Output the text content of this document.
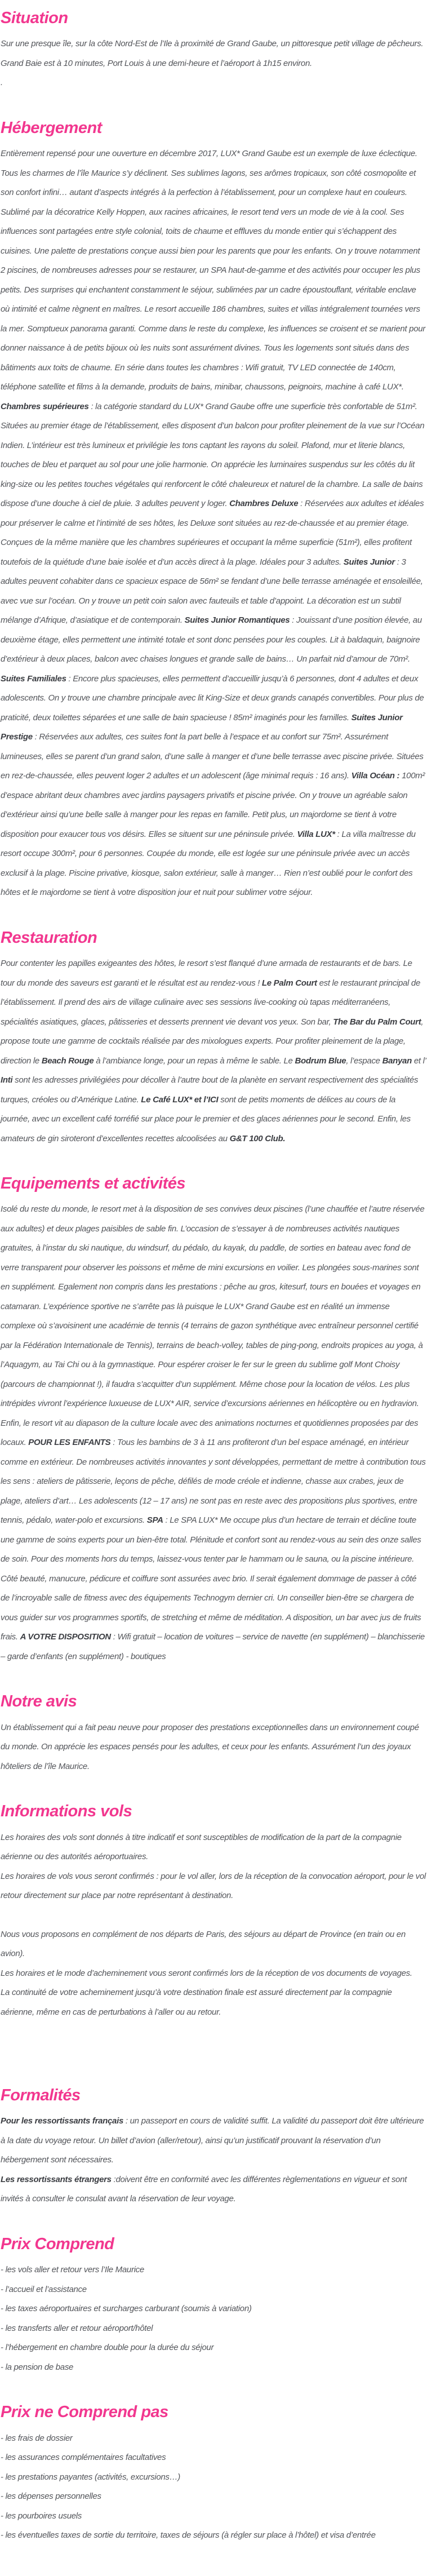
Situation

Sur une presque île, sur la côte Nord-Est de l’Ile à proximité de Grand Gaube, un pittoresque petit village de pêcheurs. Grand Baie est à 10 minutes, Port Louis à une demi-heure et l’aéroport à 1h15 environ.

.

Hébergement

Entièrement repensé pour une ouverture en décembre 2017, LUX* Grand Gaube est un exemple de luxe éclectique. Tous les charmes de l’île Maurice s’y déclinent. Ses sublimes lagons, ses arômes tropicaux, son côté cosmopolite et son confort infini… autant d’aspects intégrés à la perfection à l’établissement, pour un complexe haut en couleurs. Sublimé par la décoratrice Kelly Hoppen, aux racines africaines, le resort tend vers un mode de vie à la cool. Ses influences sont partagées entre style colonial, toits de chaume et effluves du monde entier qui s’échappent des cuisines. Une palette de prestations conçue aussi bien pour les parents que pour les enfants. On y trouve notamment 2 piscines, de nombreuses adresses pour se restaurer, un SPA haut-de-gamme et des activités pour occuper les plus petits. Des surprises qui enchantent constamment le séjour, sublimées par un cadre époustouflant, véritable enclave où intimité et calme règnent en maîtres. Le resort accueille 186 chambres, suites et villas intégralement tournées vers la mer. Somptueux panorama garanti. Comme dans le reste du complexe, les influences se croisent et se marient pour donner naissance à de petits bijoux où les nuits sont assurément divines. Tous les logements sont situés dans des bâtiments aux toits de chaume. En série dans toutes les chambres : Wifi gratuit, TV LED connectée de 140cm, téléphone satellite et films à la demande, produits de bains, minibar, chaussons, peignoirs, machine à café LUX*. Chambres supérieures : la catégorie standard du LUX* Grand Gaube offre une superficie très confortable de 51m². Situées au premier étage de l’établissement, elles disposent d’un balcon pour profiter pleinement de la vue sur l’Océan Indien. L’intérieur est très lumineux et privilégie les tons captant les rayons du soleil. Plafond, mur et literie blancs, touches de bleu et parquet au sol pour une jolie harmonie. On apprécie les luminaires suspendus sur les côtés du lit king-size ou les petites touches végétales qui renforcent le côté chaleureux et naturel de la chambre. La salle de bains dispose d’une douche à ciel de pluie. 3 adultes peuvent y loger. Chambres Deluxe : Réservées aux adultes et idéales pour préserver le calme et l’intimité de ses hôtes, les Deluxe sont situées au rez-de-chaussée et au premier étage. Conçues de la même manière que les chambres supérieures et occupant la même superficie (51m²), elles profitent toutefois de la quiétude d’une baie isolée et d’un accès direct à la plage. Idéales pour 3 adultes. Suites Junior : 3 adultes peuvent cohabiter dans ce spacieux espace de 56m² se fendant d’une belle terrasse aménagée et ensoleillée, avec vue sur l’océan. On y trouve un petit coin salon avec fauteuils et table d’appoint. La décoration est un subtil mélange d’Afrique, d’asiatique et de contemporain. Suites Junior Romantiques : Jouissant d’une position élevée, au deuxième étage, elles permettent une intimité totale et sont donc pensées pour les couples. Lit à baldaquin, baignoire d’extérieur à deux places, balcon avec chaises longues et grande salle de bains… Un parfait nid d’amour de 70m². Suites Familiales : Encore plus spacieuses, elles permettent d’accueillir jusqu’à 6 personnes, dont 4 adultes et deux adolescents. On y trouve une chambre principale avec lit King-Size et deux grands canapés convertibles. Pour plus de praticité, deux toilettes séparées et une salle de bain spacieuse ! 85m² imaginés pour les familles. Suites Junior Prestige : Réservées aux adultes, ces suites font la part belle à l’espace et au confort sur 75m². Assurément lumineuses, elles se parent d’un grand salon, d’une salle à manger et d’une belle terrasse avec piscine privée. Situées en rez-de-chaussée, elles peuvent loger 2 adultes et un adolescent (âge minimal requis : 16 ans). Villa Océan : 100m² d’espace abritant deux chambres avec jardins paysagers privatifs et piscine privée. On y trouve un agréable salon d’extérieur ainsi qu’une belle salle à manger pour les repas en famille. Petit plus, un majordome se tient à votre disposition pour exaucer tous vos désirs. Elles se situent sur une péninsule privée. Villa LUX* : La villa maîtresse du resort occupe 300m², pour 6 personnes. Coupée du monde, elle est logée sur une péninsule privée avec un accès exclusif à la plage. Piscine privative, kiosque, salon extérieur, salle à manger… Rien n’est oublié pour le confort des hôtes et le majordome se tient à votre disposition jour et nuit pour sublimer votre séjour.

Restauration

Pour contenter les papilles exigeantes des hôtes, le resort s’est flanqué d’une armada de restaurants et de bars. Le tour du monde des saveurs est garanti et le résultat est au rendez-vous ! Le Palm Court est le restaurant principal de l’établissement. Il prend des airs de village culinaire avec ses sessions live-cooking où tapas méditerranéens, spécialités asiatiques, glaces, pâtisseries et desserts prennent vie devant vos yeux. Son bar, The Bar du Palm Court, propose toute une gamme de cocktails réalisée par des mixologues experts. Pour profiter pleinement de la plage, direction le Beach Rouge à l’ambiance longe, pour un repas à même le sable. Le Bodrum Blue, l’espace Banyan et l’ Inti sont les adresses privilégiées pour décoller à l’autre bout de la planète en servant respectivement des spécialités turques, créoles ou d’Amérique Latine. Le Café LUX* et l’ICI sont de petits moments de délices au cours de la journée, avec un excellent café torréfié sur place pour le premier et des glaces aériennes pour le second. Enfin, les amateurs de gin siroteront d’excellentes recettes alcoolisées au G&T 100 Club.

Equipements et activités

Isolé du reste du monde, le resort met à la disposition de ses convives deux piscines (l’une chauffée et l’autre réservée aux adultes) et deux plages paisibles de sable fin. L’occasion de s’essayer à de nombreuses activités nautiques gratuites, à l’instar du ski nautique, du windsurf, du pédalo, du kayak, du paddle, de sorties en bateau avec fond de verre transparent pour observer les poissons et même de mini excursions en voilier. Les plongées sous-marines sont en supplément. Egalement non compris dans les prestations : pêche au gros, kitesurf, tours en bouées et voyages en catamaran. L’expérience sportive ne s’arrête pas là puisque le LUX* Grand Gaube est en réalité un immense complexe où s’avoisinent une académie de tennis (4 terrains de gazon synthétique avec entraîneur personnel certifié par la Fédération Internationale de Tennis), terrains de beach-volley, tables de ping-pong, endroits propices au yoga, à l’Aquagym, au Tai Chi ou à la gymnastique. Pour espérer croiser le fer sur le green du sublime golf Mont Choisy (parcours de championnat !), il faudra s’acquitter d’un supplément. Même chose pour la location de vélos. Les plus intrépides vivront l’expérience luxueuse de LUX* AIR, service d’excursions aériennes en hélicoptère ou en hydravion. Enfin, le resort vit au diapason de la culture locale avec des animations nocturnes et quotidiennes proposées par des locaux. POUR LES ENFANTS : Tous les bambins de 3 à 11 ans profiteront d’un bel espace aménagé, en intérieur comme en extérieur. De nombreuses activités innovantes y sont développées, permettant de mettre à contribution tous les sens : ateliers de pâtisserie, leçons de pêche, défilés de mode créole et indienne, chasse aux crabes, jeux de plage, ateliers d’art… Les adolescents (12 – 17 ans) ne sont pas en reste avec des propositions plus sportives, entre tennis, pédalo, water-polo et excursions. SPA : Le SPA LUX* Me occupe plus d’un hectare de terrain et décline toute une gamme de soins experts pour un bien-être total. Plénitude et confort sont au rendez-vous au sein des onze salles de soin. Pour des moments hors du temps, laissez-vous tenter par le hammam ou le sauna, ou la piscine intérieure. Côté beauté, manucure, pédicure et coiffure sont assurées avec brio. Il serait également dommage de passer à côté de l’incroyable salle de fitness avec des équipements Technogym dernier cri. Un conseiller bien-être se chargera de vous guider sur vos programmes sportifs, de stretching et même de méditation. A disposition, un bar avec jus de fruits frais. A VOTRE DISPOSITION : Wifi gratuit – location de voitures – service de navette (en supplément) – blanchisserie – garde d’enfants (en supplément) - boutiques

Notre avis

Un établissement qui a fait peau neuve pour proposer des prestations exceptionnelles dans un environnement coupé du monde. On apprécie les espaces pensés pour les adultes, et ceux pour les enfants. Assurément l’un des joyaux hôteliers de l’île Maurice.

Informations vols

Les horaires des vols sont donnés à titre indicatif et sont susceptibles de modification de la part de la compagnie aérienne ou des autorités aéroportuaires.

Les horaires de vols vous seront confirmés : pour le vol aller, lors de la réception de la convocation aéroport, pour le vol retour directement sur place par notre représentant à destination.

Nous vous proposons en complément de nos départs de Paris, des séjours au départ de Province (en train ou en avion).

Les horaires et le mode d’acheminement vous seront confirmés lors de la réception de vos documents de voyages.

La continuité de votre acheminement jusqu’à votre destination finale est assuré directement par la compagnie aérienne, même en cas de perturbations à l’aller ou au retour.

Formalités

Pour les ressortissants français : un passeport en cours de validité suffit. La validité du passeport doit être ultérieure à la date du voyage retour. Un billet d’avion (aller/retour), ainsi qu’un justificatif prouvant la réservation d’un hébergement sont nécessaires.

Les ressortissants étrangers :doivent être en conformité avec les différentes règlementations en vigueur et sont invités à consulter le consulat avant la réservation de leur voyage.

Prix Comprend

- les vols aller et retour vers l’Ile Maurice

- l’accueil et l’assistance

- les taxes aéroportuaires et surcharges carburant (soumis à variation)

- les transferts aller et retour aéroport/hôtel

- l’hébergement en chambre double pour la durée du séjour

- la pension de base

Prix ne Comprend pas

- les frais de dossier

- les assurances complémentaires facultatives

- les prestations payantes (activités, excursions…)

- les dépenses personnelles

- les pourboires usuels

- les éventuelles taxes de sortie du territoire, taxes de séjours (à régler sur place à l’hôtel) et visa d’entrée
